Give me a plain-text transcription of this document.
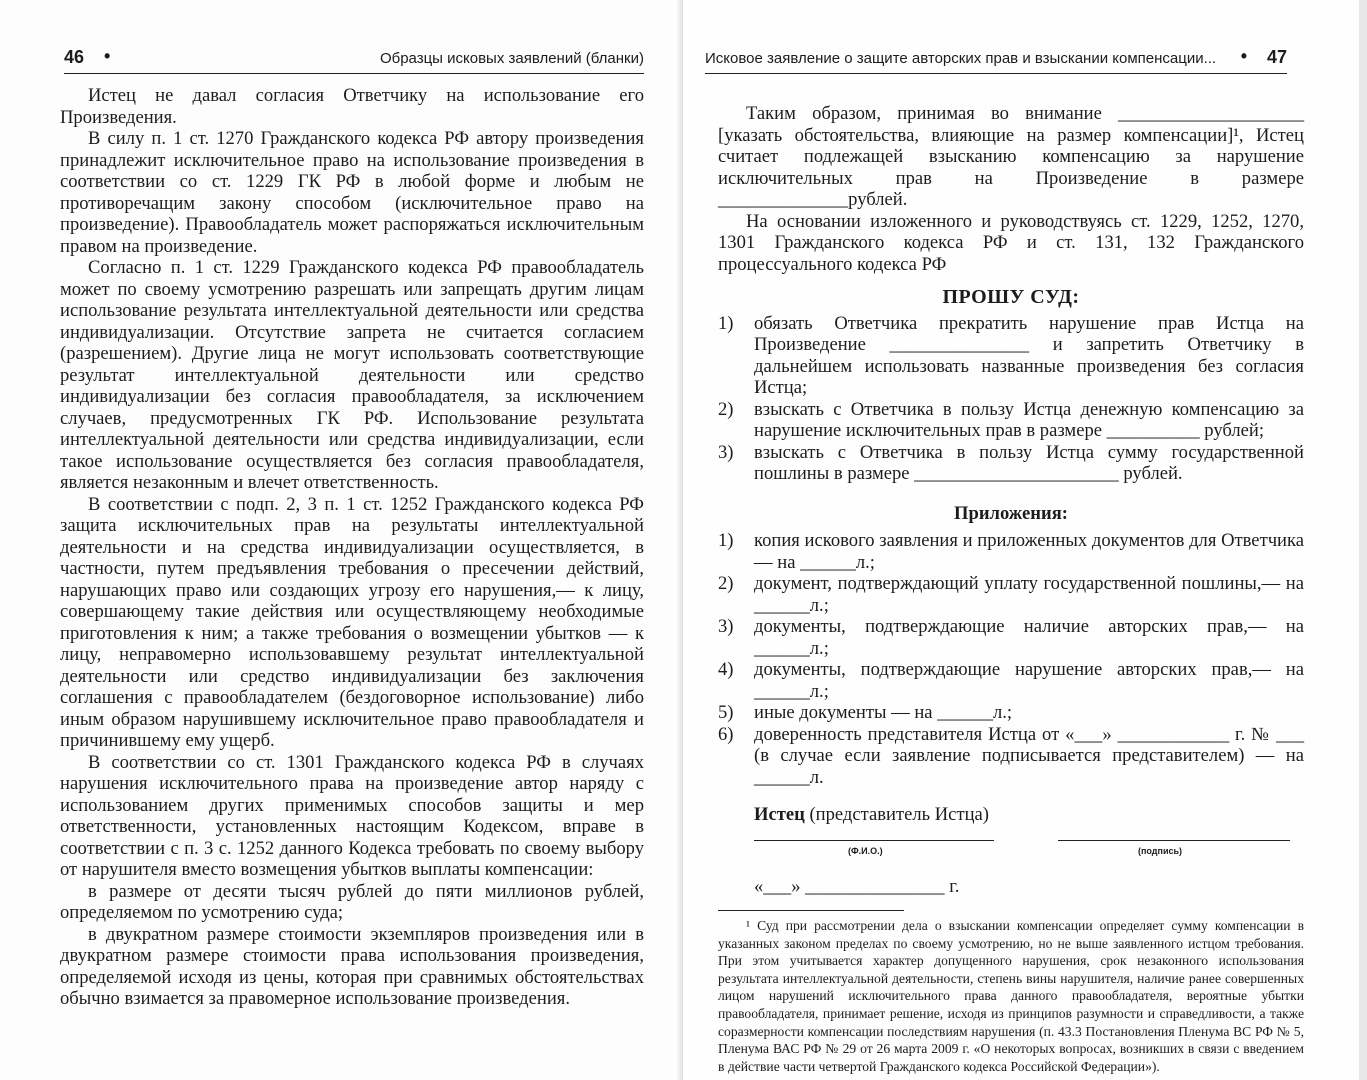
46 •	Образцы исковых заявлений (бланки)

Истец не давал согласия Ответчику на использование его Произведения.

В силу п. 1 ст. 1270 Гражданского кодекса РФ автору произведения принадлежит исключительное право на использование произведения в соответствии со ст. 1229 ГК РФ в любой форме и любым не противоречащим закону способом (исключительное право на произведение). Правообладатель может распоряжаться исключительным правом на произведение.

Согласно п. 1 ст. 1229 Гражданского кодекса РФ правообладатель может по своему усмотрению разрешать или запрещать другим лицам использование результата интеллектуальной деятельности или средства индивидуализации. Отсутствие запрета не считается согласием (разрешением). Другие лица не могут использовать соответствующие результат интеллектуальной деятельности или средство индивидуализации без согласия правообладателя, за исключением случаев, предусмотренных ГК РФ. Использование результата интеллектуальной деятельности или средства индивидуализации, если такое использование осуществляется без согласия правообладателя, является незаконным и влечет ответственность.

В соответствии с подп. 2, 3 п. 1 ст. 1252 Гражданского кодекса РФ защита исключительных прав на результаты интеллектуальной деятельности и на средства индивидуализации осуществляется, в частности, путем предъявления требования о пресечении действий, нарушающих право или создающих угрозу его нарушения,— к лицу, совершающему такие действия или осуществляющему необходимые приготовления к ним; а также требования о возмещении убытков — к лицу, неправомерно использовавшему результат интеллектуальной деятельности или средство индивидуализации без заключения соглашения с правообладателем (бездоговорное использование) либо иным образом нарушившему исключительное право правообладателя и причинившему ему ущерб.

В соответствии со ст. 1301 Гражданского кодекса РФ в случаях нарушения исключительного права на произведение автор наряду с использованием других применимых способов защиты и мер ответственности, установленных настоящим Кодексом, вправе в соответствии с п. 3 с. 1252 данного Кодекса требовать по своему выбору от нарушителя вместо возмещения убытков выплаты компенсации:

в размере от десяти тысяч рублей до пяти миллионов рублей, определяемом по усмотрению суда;

в двукратном размере стоимости экземпляров произведения или в двукратном размере стоимости права использования произведения, определяемой исходя из цены, которая при сравнимых обстоятельствах обычно взимается за правомерное использование произведения.

Исковое заявление о защите авторских прав и взыскании компенсации... • 47

Таким образом, принимая во внимание ____________________ [указать обстоятельства, влияющие на размер компенсации]¹, Истец считает подлежащей взысканию компенсацию за нарушение исключительных прав на Произведение в размере ______________рублей.

На основании изложенного и руководствуясь ст. 1229, 1252, 1270, 1301 Гражданского кодекса РФ и ст. 131, 132 Гражданского процессуального кодекса РФ

ПРОШУ СУД:

1)	обязать Ответчика прекратить нарушение прав Истца на Произведение _______________ и запретить Ответчику в дальнейшем использовать названные произведения без согласия Истца;
2)	взыскать с Ответчика в пользу Истца денежную компенсацию за нарушение исключительных прав в размере __________ рублей;
3)	взыскать с Ответчика в пользу Истца сумму государственной пошлины в размере ______________________ рублей.

Приложения:

1)	копия искового заявления и приложенных документов для Ответчика — на ______л.;
2)	документ, подтверждающий уплату государственной пошлины,— на ______л.;
3)	документы, подтверждающие наличие авторских прав,— на ______л.;
4)	документы, подтверждающие нарушение авторских прав,— на ______л.;
5)	иные документы — на ______л.;
6)	доверенность представителя Истца от «___» ____________ г. № ___ (в случае если заявление подписывается представителем) — на ______л.
Истец (представитель Истца)
(Ф.И.О.)	(подпись)
«___» _______________ г.

¹ Суд при рассмотрении дела о взыскании компенсации определяет сумму компенсации в указанных законом пределах по своему усмотрению, но не выше заявленного истцом требования. При этом учитывается характер допущенного нарушения, срок незаконного использования результата интеллектуальной деятельности, степень вины нарушителя, наличие ранее совершенных лицом нарушений исключительного права данного правообладателя, вероятные убытки правообладателя, принимает решение, исходя из принципов разумности и справедливости, а также соразмерности компенсации последствиям нарушения (п. 43.3 Постановления Пленума ВС РФ № 5, Пленума ВАС РФ № 29 от 26 марта 2009 г. «О некоторых вопросах, возникших в связи с введением в действие части четвертой Гражданского кодекса Российской Федерации»).
